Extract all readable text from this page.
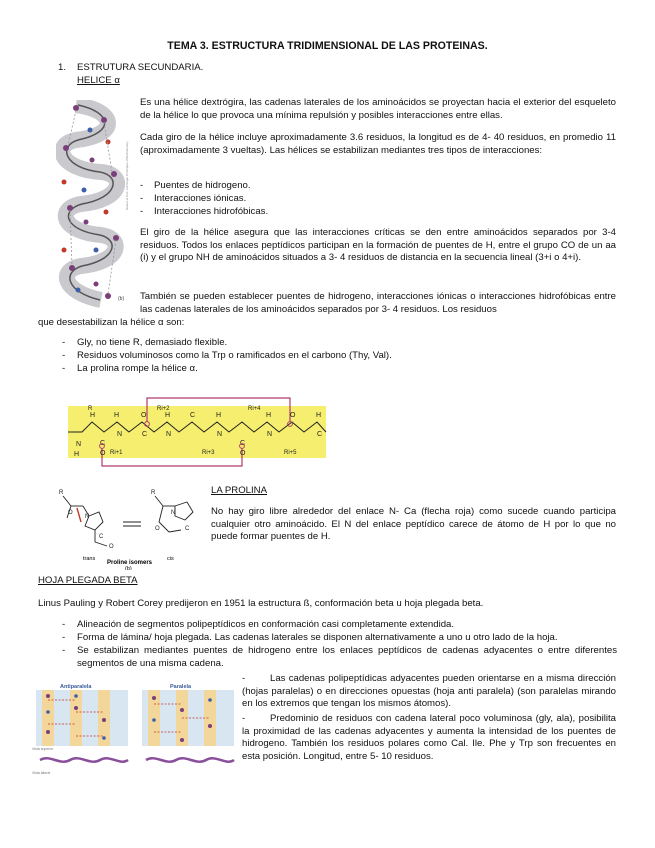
TEMA 3. ESTRUCTURA TRIDIMENSIONAL DE LAS PROTEINAS.
1. ESTRUTURA SECUNDARIA.
HELICE α
Nelson & Cox: Lehninger Principles of Biochemistry
(b)
Es una hélice dextrógira, las cadenas laterales de los aminoácidos se proyectan hacia el exterior del esqueleto de la hélice lo que provoca una mínima repulsión y posibles interacciones entre ellas.
Cada giro de la hélice incluye aproximadamente 3.6 residuos, la longitud es de 4- 40 residuos, en promedio 11 (aproximadamente 3 vueltas). Las hélices se estabilizan mediantes tres tipos de interacciones:
- Puentes de hidrogeno.
- Interacciones iónicas.
- Interacciones hidrofóbicas.
El giro de la hélice asegura que las interacciones críticas se den entre aminoácidos separados por 3-4 residuos. Todos los enlaces peptídicos participan en la formación de puentes de H, entre el grupo CO de un aa (i) y el grupo NH de aminoácidos situados a 3- 4 residuos de distancia en la secuencia lineal (3+i o 4+i).
También se pueden establecer puentes de hidrogeno, interacciones iónicas o interacciones hidrofóbicas entre las cadenas laterales de los aminoácidos separados por 3- 4 residuos. Los residuos
que desestabilizan la hélice α son:
- Gly, no tiene R, demasiado flexible.
- Residuos voluminosos como la Trp o ramificados en el carbono (Thy, Val).
- La prolina rompe la hélice α.
N
H
H
C
O
H
N
O
C
H
N
C	H
N
C
O
H
N
O	H
C
R
Ri+1
Ri+2
Ri+3
Ri+4
Ri+5
R
O
N
C
O
R
N
O	C
trans	cis
Proline isomers
(b)
LA PROLINA
No hay giro libre alrededor del enlace N- Ca (flecha roja) como sucede cuando participa cualquier otro aminoácido. El N del enlace peptídico carece de átomo de H por lo que no puede formar puentes de H.
HOJA PLEGADA BETA
Linus Pauling y Robert Corey predijeron en 1951 la estructura ß, conformación beta u hoja plegada beta.
- Alineación de segmentos polipeptídicos en conformación casi completamente extendida.
- Forma de lámina/ hoja plegada. Las cadenas laterales se disponen alternativamente a uno u otro lado de la hoja.
- Se estabilizan mediantes puentes de hidrogeno entre los enlaces peptídicos de cadenas adyacentes o entre diferentes segmentos de una misma cadena.
Antiparalela	Paralela
Vista superior
Vista lateral
-	Las cadenas polipeptídicas adyacentes pueden orientarse en a misma dirección (hojas paralelas) o en direcciones opuestas (hoja anti paralela) (son paralelas mirando en los extremos que tengan los mismos átomos).
-	Predominio de residuos con cadena lateral poco voluminosa (gly, ala), posibilita la proximidad de las cadenas adyacentes y aumenta la intensidad de los puentes de hidrogeno. También los residuos polares como Cal. Ile. Phe y Trp son frecuentes en esta posición. Longitud, entre 5- 10 residuos.
